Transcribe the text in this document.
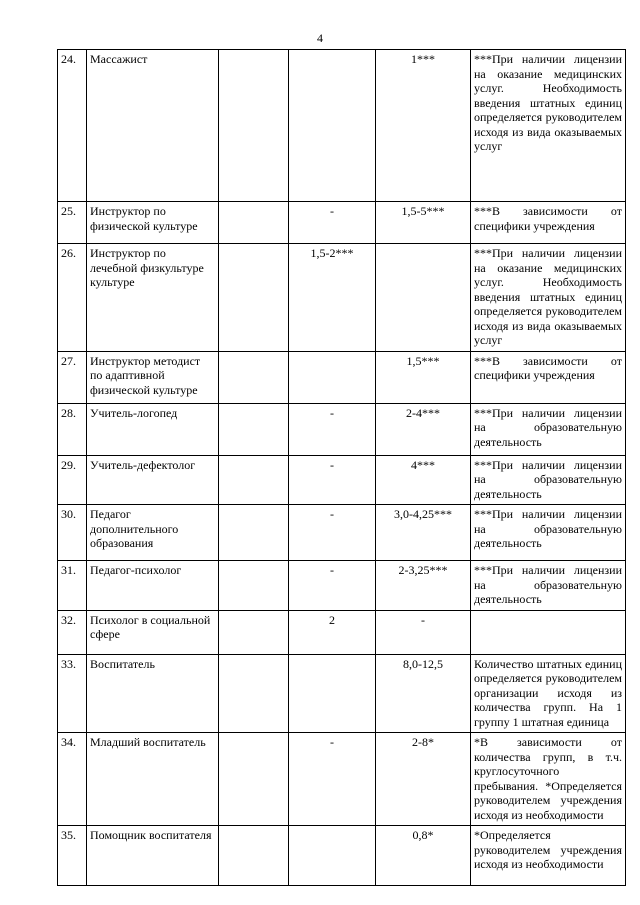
4
24.	Массажист			1***	***При наличии лицензии на оказание медицинских услуг. Необходимость введения штатных единиц определяется руководителем исходя из вида оказываемых услуг
25.	Инструктор по физической культуре		-	1,5-5***	***В зависимости от специфики учреждения
26.	Инструктор по лечебной физкультуре культуре		1,5-2***		***При наличии лицензии на оказание медицинских услуг. Необходимость введения штатных единиц определяется руководителем исходя из вида оказываемых услуг
27.	Инструктор методист по адаптивной физической культуре			1,5***	***В зависимости от специфики учреждения
28.	Учитель-логопед		-	2-4***	***При наличии лицензии на образовательную деятельность
29.	Учитель-дефектолог		-	4***	***При наличии лицензии на образовательную деятельность
30.	Педагог дополнительного образования		-	3,0-4,25***	***При наличии лицензии на образовательную деятельность
31.	Педагог-психолог		-	2-3,25***	***При наличии лицензии на образовательную деятельность
32.	Психолог в социальной сфере		2	-	
33.	Воспитатель			8,0-12,5	Количество штатных единиц определяется руководителем организации исходя из количества групп. На 1 группу 1 штатная единица
34.	Младший воспитатель		-	2-8*	*В зависимости от количества групп, в т.ч. круглосуточного пребывания. *Определяется руководителем учреждения исходя из необходимости
35.	Помощник воспитателя			0,8*	*Определяется руководителем учреждения исходя из необходимости
